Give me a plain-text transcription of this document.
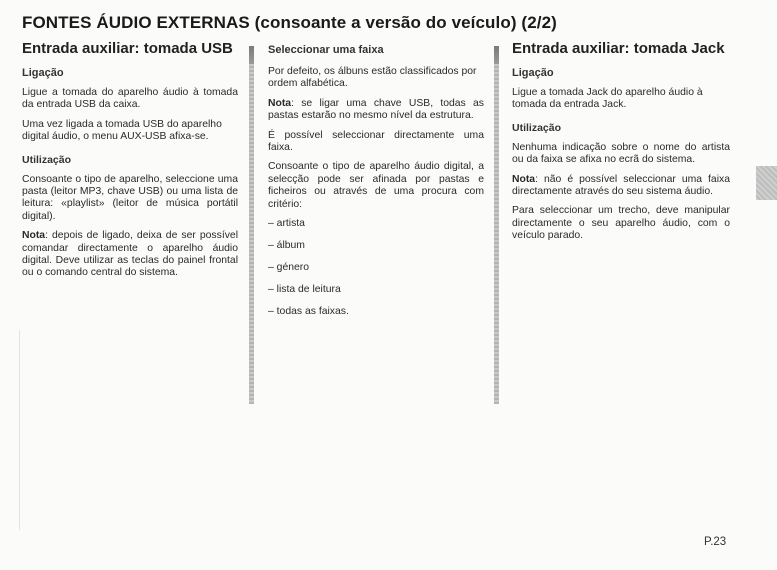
FONTES ÁUDIO EXTERNAS (consoante a versão do veículo) (2/2)
Entrada auxiliar: tomada USB
Ligação

Ligue a tomada do aparelho áudio à tomada da entrada USB da caixa.

Uma vez ligada a tomada USB do aparelho digital áudio, o menu AUX-USB afixa-se.

Utilização

Consoante o tipo de aparelho, seleccione uma pasta (leitor MP3, chave USB) ou uma lista de leitura: «playlist» (leitor de música portátil digital).

Nota: depois de ligado, deixa de ser possível comandar directamente o aparelho áudio digital. Deve utilizar as teclas do painel frontal ou o comando central do sistema.

Seleccionar uma faixa

Por defeito, os álbuns estão classificados por ordem alfabética.

Nota: se ligar uma chave USB, todas as pastas estarão no mesmo nível da estrutura.

É possível seleccionar directamente uma faixa.

Consoante o tipo de aparelho áudio digital, a selecção pode ser afinada por pastas e ficheiros ou através de uma procura com critério:

– artista
– álbum
– género
– lista de leitura
– todas as faixas.
Entrada auxiliar: tomada Jack
Ligação

Ligue a tomada Jack do aparelho áudio à tomada da entrada Jack.

Utilização

Nenhuma indicação sobre o nome do artista ou da faixa se afixa no ecrã do sistema.

Nota: não é possível seleccionar uma faixa directamente através do seu sistema áudio.

Para seleccionar um trecho, deve manipular directamente o seu aparelho áudio, com o veículo parado.

P.23
